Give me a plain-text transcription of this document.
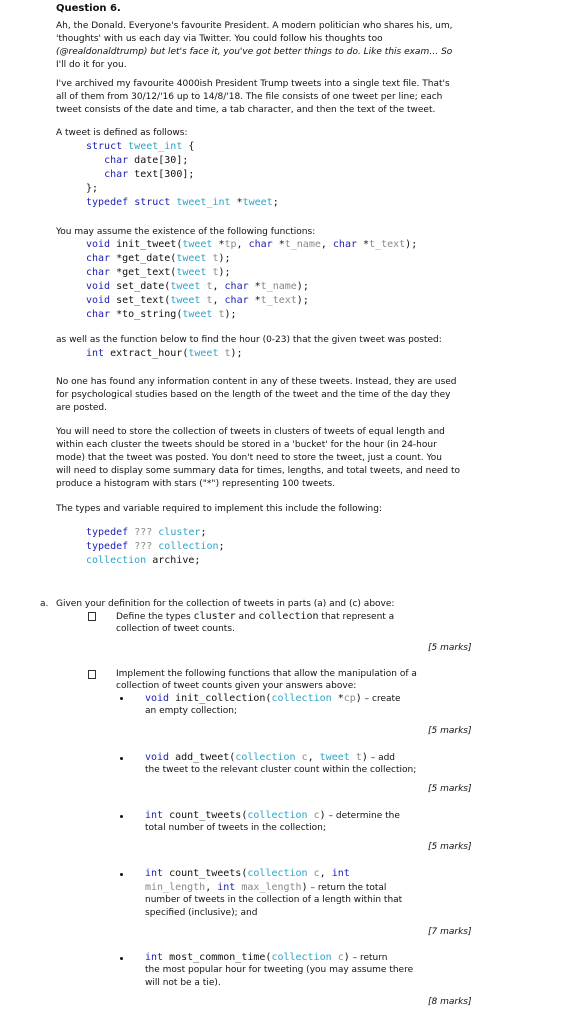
Question 6.
Ah, the Donald. Everyone's favourite President. A modern politician who shares his, um,
'thoughts' with us each day via Twitter. You could follow his thoughts too
(@realdonaldtrump) but let's face it, you've got better things to do. Like this exam… So
I'll do it for you.
I've archived my favourite 4000ish President Trump tweets into a single text file. That's
all of them from 30/12/'16 up to 14/8/'18. The file consists of one tweet per line; each
tweet consists of the date and time, a tab character, and then the text of the tweet.
A tweet is defined as follows:
struct tweet_int {
char date[30];
char text[300];
};
typedef struct tweet_int *tweet;
You may assume the existence of the following functions:
void init_tweet(tweet *tp, char *t_name, char *t_text);
char *get_date(tweet t);
char *get_text(tweet t);
void set_date(tweet t, char *t_name);
void set_text(tweet t, char *t_text);
char *to_string(tweet t);
as well as the function below to find the hour (0-23) that the given tweet was posted:
int extract_hour(tweet t);
No one has found any information content in any of these tweets. Instead, they are used
for psychological studies based on the length of the tweet and the time of the day they
are posted.
You will need to store the collection of tweets in clusters of tweets of equal length and
within each cluster the tweets should be stored in a 'bucket' for the hour (in 24-hour
mode) that the tweet was posted. You don't need to store the tweet, just a count. You
will need to display some summary data for times, lengths, and total tweets, and need to
produce a histogram with stars ("*") representing 100 tweets.
The types and variable required to implement this include the following:
typedef ??? cluster;
typedef ??? collection;
collection archive;
a. Given your definition for the collection of tweets in parts (a) and (c) above:
Define the types cluster and collection that represent a
collection of tweet counts.
[5 marks]
Implement the following functions that allow the manipulation of a
collection of tweet counts given your answers above:
void init_collection(collection *cp) – create
an empty collection;
[5 marks]
void add_tweet(collection c, tweet t) – add
the tweet to the relevant cluster count within the collection;
[5 marks]
int count_tweets(collection c) – determine the
total number of tweets in the collection;
[5 marks]
int count_tweets(collection c, int
min_length, int max_length) – return the total
number of tweets in the collection of a length within that
specified (inclusive); and
[7 marks]
int most_common_time(collection c) – return
the most popular hour for tweeting (you may assume there
will not be a tie).
[8 marks]
